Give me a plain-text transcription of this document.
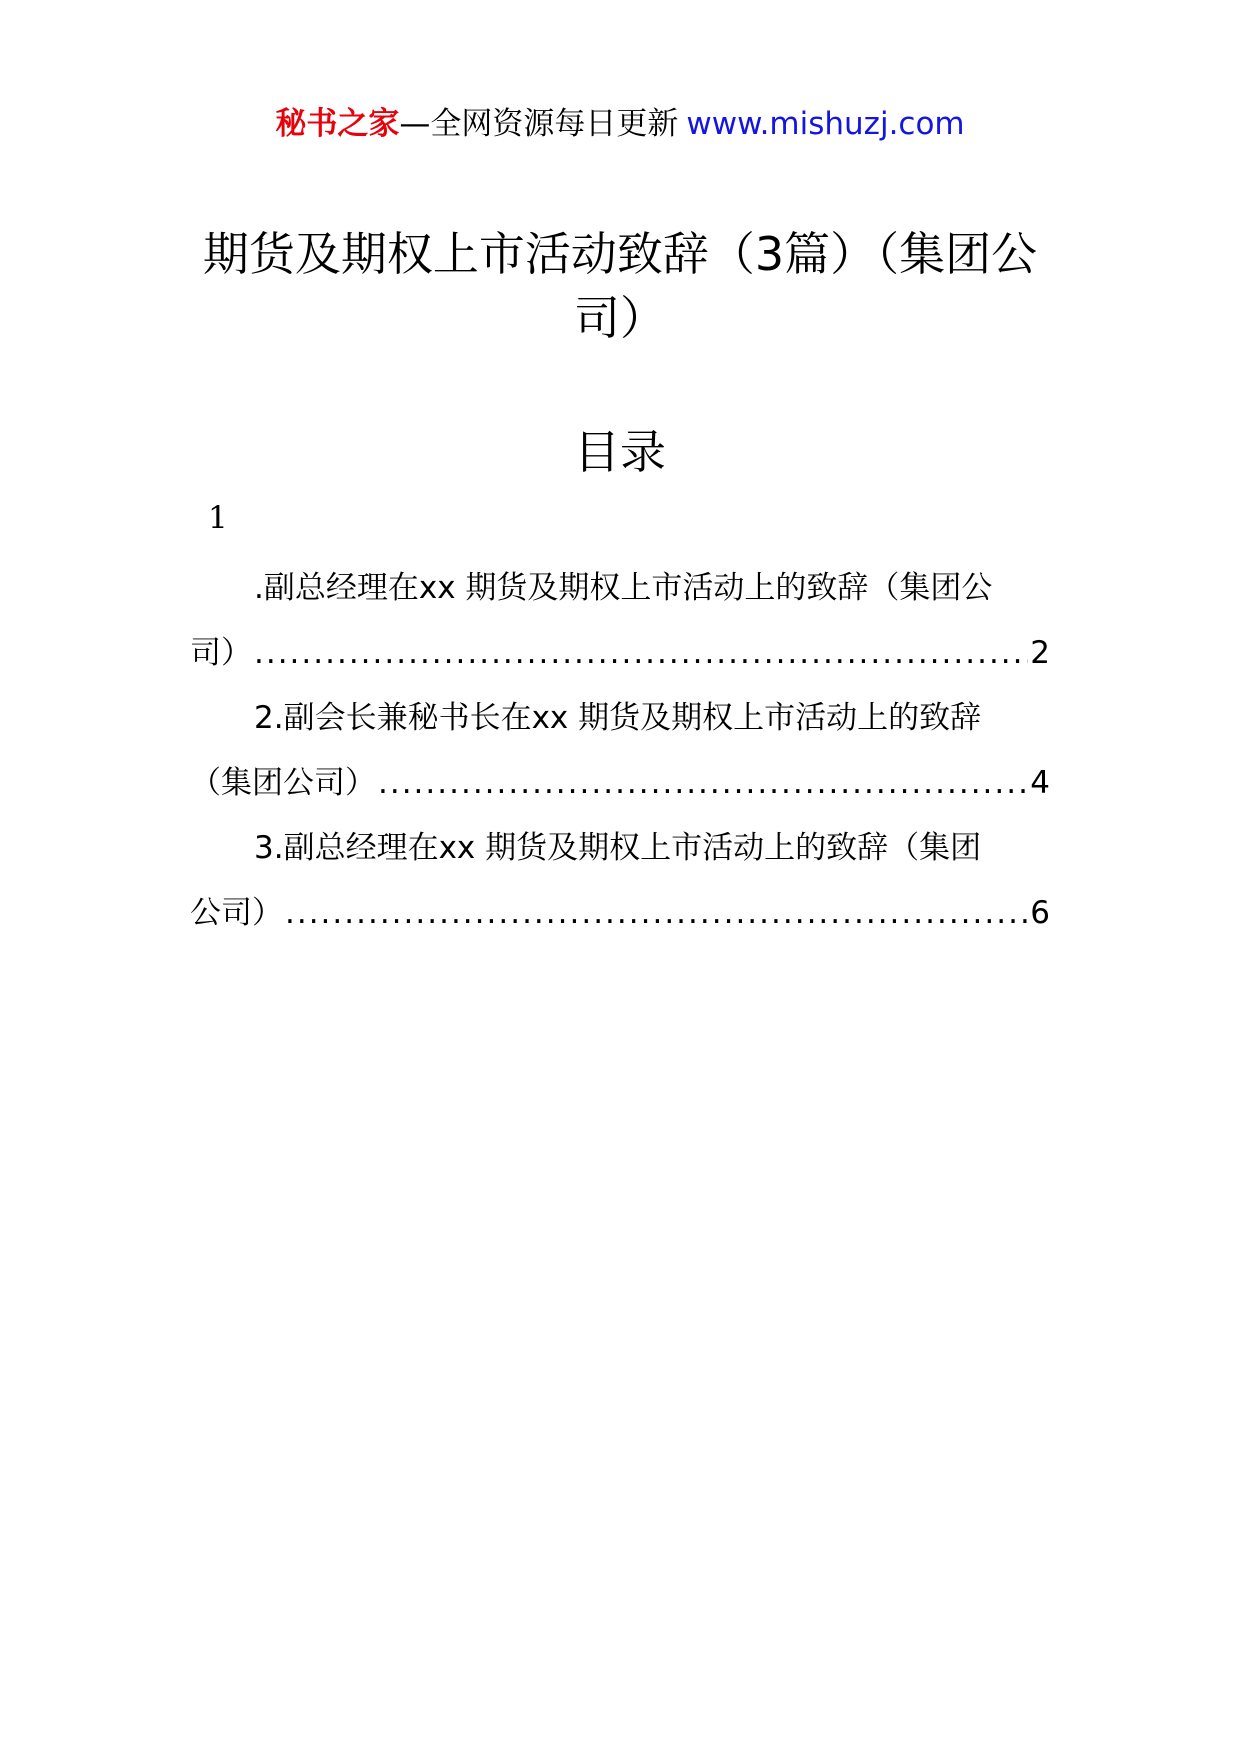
秘书之家—全网资源每日更新 www.mishuzj.com
期货及期权上市活动致辞（3篇）（集团公司）
目录
1
.副总经理在xx 期货及期权上市活动上的致辞（集团公
司） .....	2
2.副会长兼秘书长在xx 期货及期权上市活动上的致辞
（集团公司） .....	4
3.副总经理在xx 期货及期权上市活动上的致辞（集团
公司） .....	6
